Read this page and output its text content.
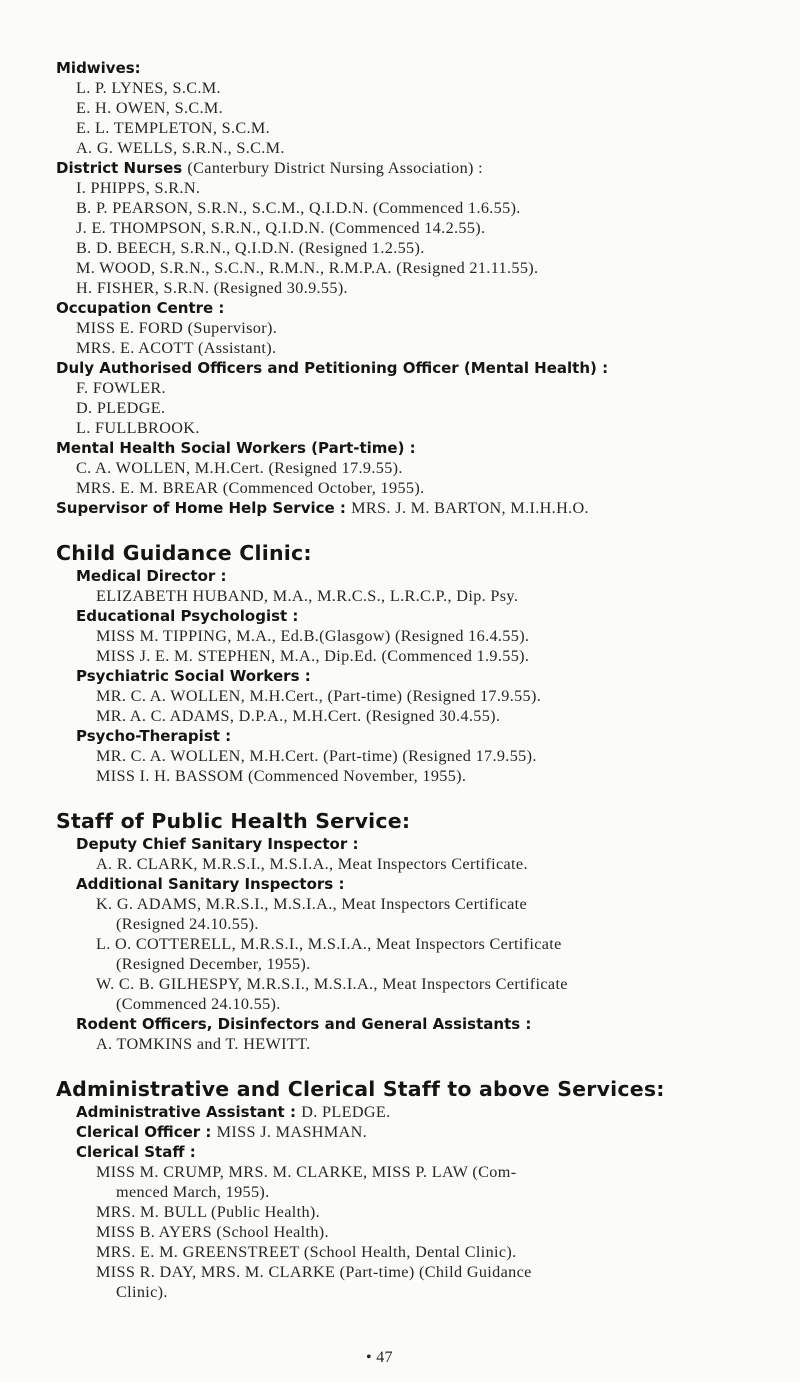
Midwives:
L. P. LYNES, S.C.M.
E. H. OWEN, S.C.M.
E. L. TEMPLETON, S.C.M.
A. G. WELLS, S.R.N., S.C.M.
District Nurses (Canterbury District Nursing Association) :
I. PHIPPS, S.R.N.
B. P. PEARSON, S.R.N., S.C.M., Q.I.D.N. (Commenced 1.6.55).
J. E. THOMPSON, S.R.N., Q.I.D.N. (Commenced 14.2.55).
B. D. BEECH, S.R.N., Q.I.D.N. (Resigned 1.2.55).
M. WOOD, S.R.N., S.C.N., R.M.N., R.M.P.A. (Resigned 21.11.55).
H. FISHER, S.R.N. (Resigned 30.9.55).
Occupation Centre :
MISS E. FORD (Supervisor).
MRS. E. ACOTT (Assistant).
Duly Authorised Officers and Petitioning Officer (Mental Health) :
F. FOWLER.
D. PLEDGE.
L. FULLBROOK.
Mental Health Social Workers (Part-time) :
C. A. WOLLEN, M.H.Cert. (Resigned 17.9.55).
MRS. E. M. BREAR (Commenced October, 1955).
Supervisor of Home Help Service : MRS. J. M. BARTON, M.I.H.H.O.
Child Guidance Clinic:
Medical Director :
ELIZABETH HUBAND, M.A., M.R.C.S., L.R.C.P., Dip. Psy.
Educational Psychologist :
MISS M. TIPPING, M.A., Ed.B.(Glasgow) (Resigned 16.4.55).
MISS J. E. M. STEPHEN, M.A., Dip.Ed. (Commenced 1.9.55).
Psychiatric Social Workers :
MR. C. A. WOLLEN, M.H.Cert., (Part-time) (Resigned 17.9.55).
MR. A. C. ADAMS, D.P.A., M.H.Cert. (Resigned 30.4.55).
Psycho-Therapist :
MR. C. A. WOLLEN, M.H.Cert. (Part-time) (Resigned 17.9.55).
MISS I. H. BASSOM (Commenced November, 1955).
Staff of Public Health Service:
Deputy Chief Sanitary Inspector :
A. R. CLARK, M.R.S.I., M.S.I.A., Meat Inspectors Certificate.
Additional Sanitary Inspectors :
K. G. ADAMS, M.R.S.I., M.S.I.A., Meat Inspectors Certificate
(Resigned 24.10.55).
L. O. COTTERELL, M.R.S.I., M.S.I.A., Meat Inspectors Certificate
(Resigned December, 1955).
W. C. B. GILHESPY, M.R.S.I., M.S.I.A., Meat Inspectors Certificate
(Commenced 24.10.55).
Rodent Officers, Disinfectors and General Assistants :
A. TOMKINS and T. HEWITT.
Administrative and Clerical Staff to above Services:
Administrative Assistant : D. PLEDGE.
Clerical Officer : MISS J. MASHMAN.
Clerical Staff :
MISS M. CRUMP, MRS. M. CLARKE, MISS P. LAW (Com-
menced March, 1955).
MRS. M. BULL (Public Health).
MISS B. AYERS (School Health).
MRS. E. M. GREENSTREET (School Health, Dental Clinic).
MISS R. DAY, MRS. M. CLARKE (Part-time) (Child Guidance
Clinic).
• 47
